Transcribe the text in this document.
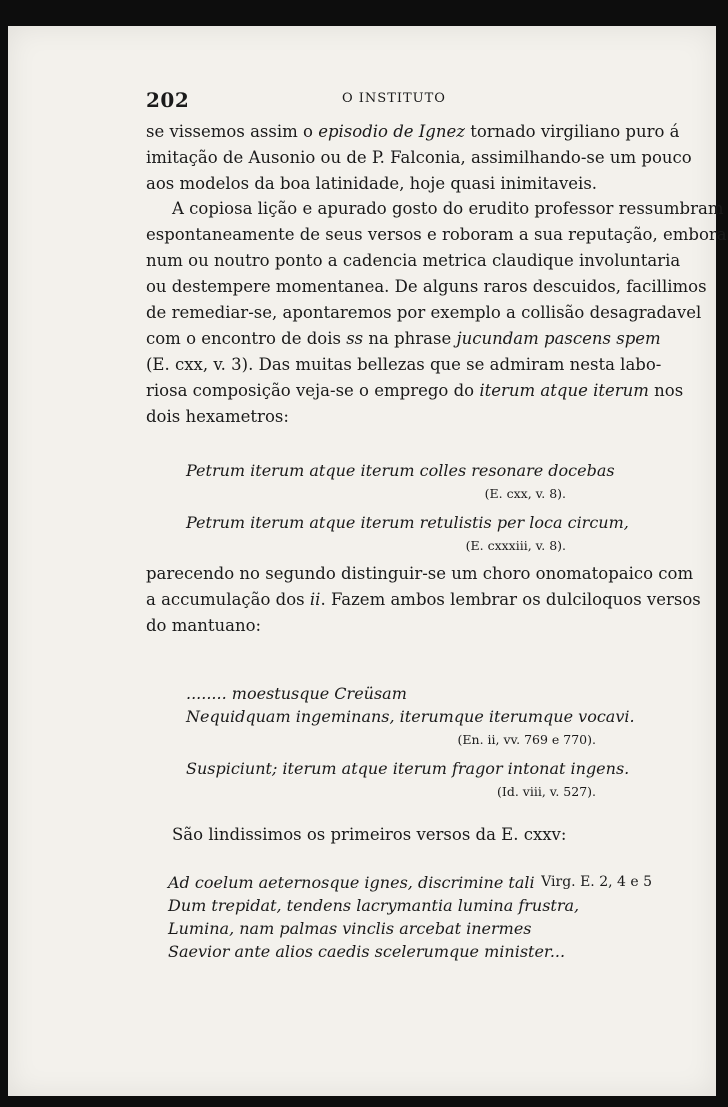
202	O INSTITUTO
se vissemos assim o episodio de Ignez tornado virgiliano puro á
imitação de Ausonio ou de P. Falconia, assimilhando-se um pouco
aos modelos da boa latinidade, hoje quasi inimitaveis.
A copiosa lição e apurado gosto do erudito professor ressumbram
espontaneamente de seus versos e roboram a sua reputação, embora
num ou noutro ponto a cadencia metrica claudique involuntaria
ou destempere momentanea. De alguns raros descuidos, facillimos
de remediar-se, apontaremos por exemplo a collisão desagradavel
com o encontro de dois ss na phrase jucundam pascens spem
(E. cxx, v. 3). Das muitas bellezas que se admiram nesta labo-
riosa composição veja-se o emprego do iterum atque iterum nos
dois hexametros:
Petrum iterum atque iterum colles resonare docebas
(E. cxx, v. 8).
Petrum iterum atque iterum retulistis per loca circum,
(E. cxxxiii, v. 8).
parecendo no segundo distinguir-se um choro onomatopaico com
a accumulação dos ii. Fazem ambos lembrar os dulciloquos versos
do mantuano:
........ moestusque Creüsam
Nequidquam ingeminans, iterumque iterumque vocavi.
(En. ii, vv. 769 e 770).
Suspiciunt; iterum atque iterum fragor intonat ingens.
(Id. viii, v. 527).
São lindissimos os primeiros versos da E. cxxv:
Ad coelum aeternosque ignes, discrimine tali Virg. E. 2, 4 e 5
Dum trepidat, tendens lacrymantia lumina frustra,
Lumina, nam palmas vinclis arcebat inermes
Saevior ante alios caedis scelerumque minister...
